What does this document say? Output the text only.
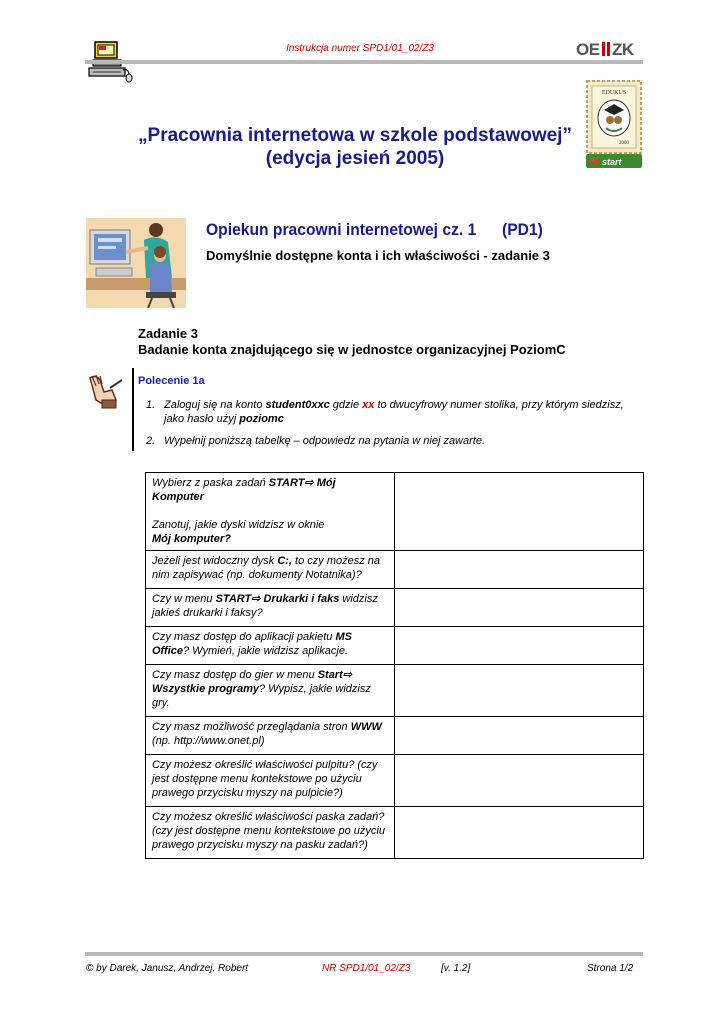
Instrukcja numer SPD1/01_02/Z3	OE ZK
„Pracownia internetowa w szkole podstawowej”
(edycja jesień 2005)
EDUKUS
2000
start
Opiekun pracowni internetowej cz. 1 (PD1)
Domyślnie dostępne konta i ich właściwości - zadanie 3
Zadanie 3
Badanie konta znajdującego się w jednostce organizacyjnej PoziomC
Polecenie 1a
1. Zaloguj się na konto student0xxc gdzie xx to dwucyfrowy numer stolika, przy którym siedzisz, jako hasło użyj poziomc
2. Wypełnij poniższą tabelkę – odpowiedz na pytania w niej zawarte.
Wybierz z paska zadań START⇨ Mój Komputer

Zanotuj, jakie dyski widzisz w oknie
Mój komputer?	
Jeżeli jest widoczny dysk C:, to czy możesz na nim zapisywać (np. dokumenty Notatnika)?	
Czy w menu START⇨ Drukarki i faks widzisz jakieś drukarki i faksy?	
Czy masz dostęp do aplikacji pakietu MS Office? Wymień, jakie widzisz aplikacje.	
Czy masz dostęp do gier w menu Start⇨ Wszystkie programy? Wypisz, jakie widzisz gry.	
Czy masz możliwość przeglądania stron WWW (np. http://www.onet.pl)	
Czy możesz określić właściwości pulpitu? (czy jest dostępne menu kontekstowe po użyciu prawego przycisku myszy na pulpicie?)	
Czy możesz określić właściwości paska zadań? (czy jest dostępne menu kontekstowe po użyciu prawego przycisku myszy na pasku zadań?)	
© by Darek, Janusz, Andrzej, Robert	NR SPD1/01_02/Z3	[v. 1.2]	Strona 1/2
